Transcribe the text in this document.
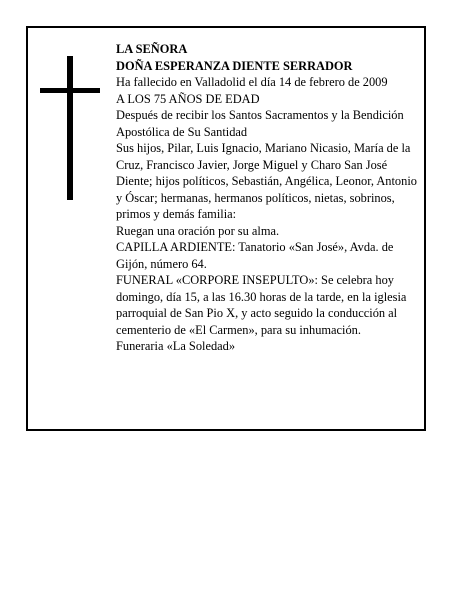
LA SEÑORA

DOÑA ESPERANZA DIENTE SERRADOR

Ha fallecido en Valladolid el día 14 de febrero de 2009

A LOS 75 AÑOS DE EDAD

Después de recibir los Santos Sacramentos y la Bendición Apostólica de Su Santidad

Sus hijos, Pilar, Luis Ignacio, Mariano Nicasio, María de la Cruz, Francisco Javier, Jorge Miguel y Charo San José Diente; hijos políticos, Sebastián, Angélica, Leonor, Antonio y Óscar; hermanas, hermanos políticos, nietas, sobrinos, primos y demás familia:

Ruegan una oración por su alma.

CAPILLA ARDIENTE: Tanatorio «San José», Avda. de Gijón, número 64.

FUNERAL «CORPORE INSEPULTO»: Se celebra hoy domingo, día 15, a las 16.30 horas de la tarde, en la iglesia parroquial de San Pio X, y acto seguido la conducción al cementerio de «El Carmen», para su inhumación.

Funeraria «La Soledad»
